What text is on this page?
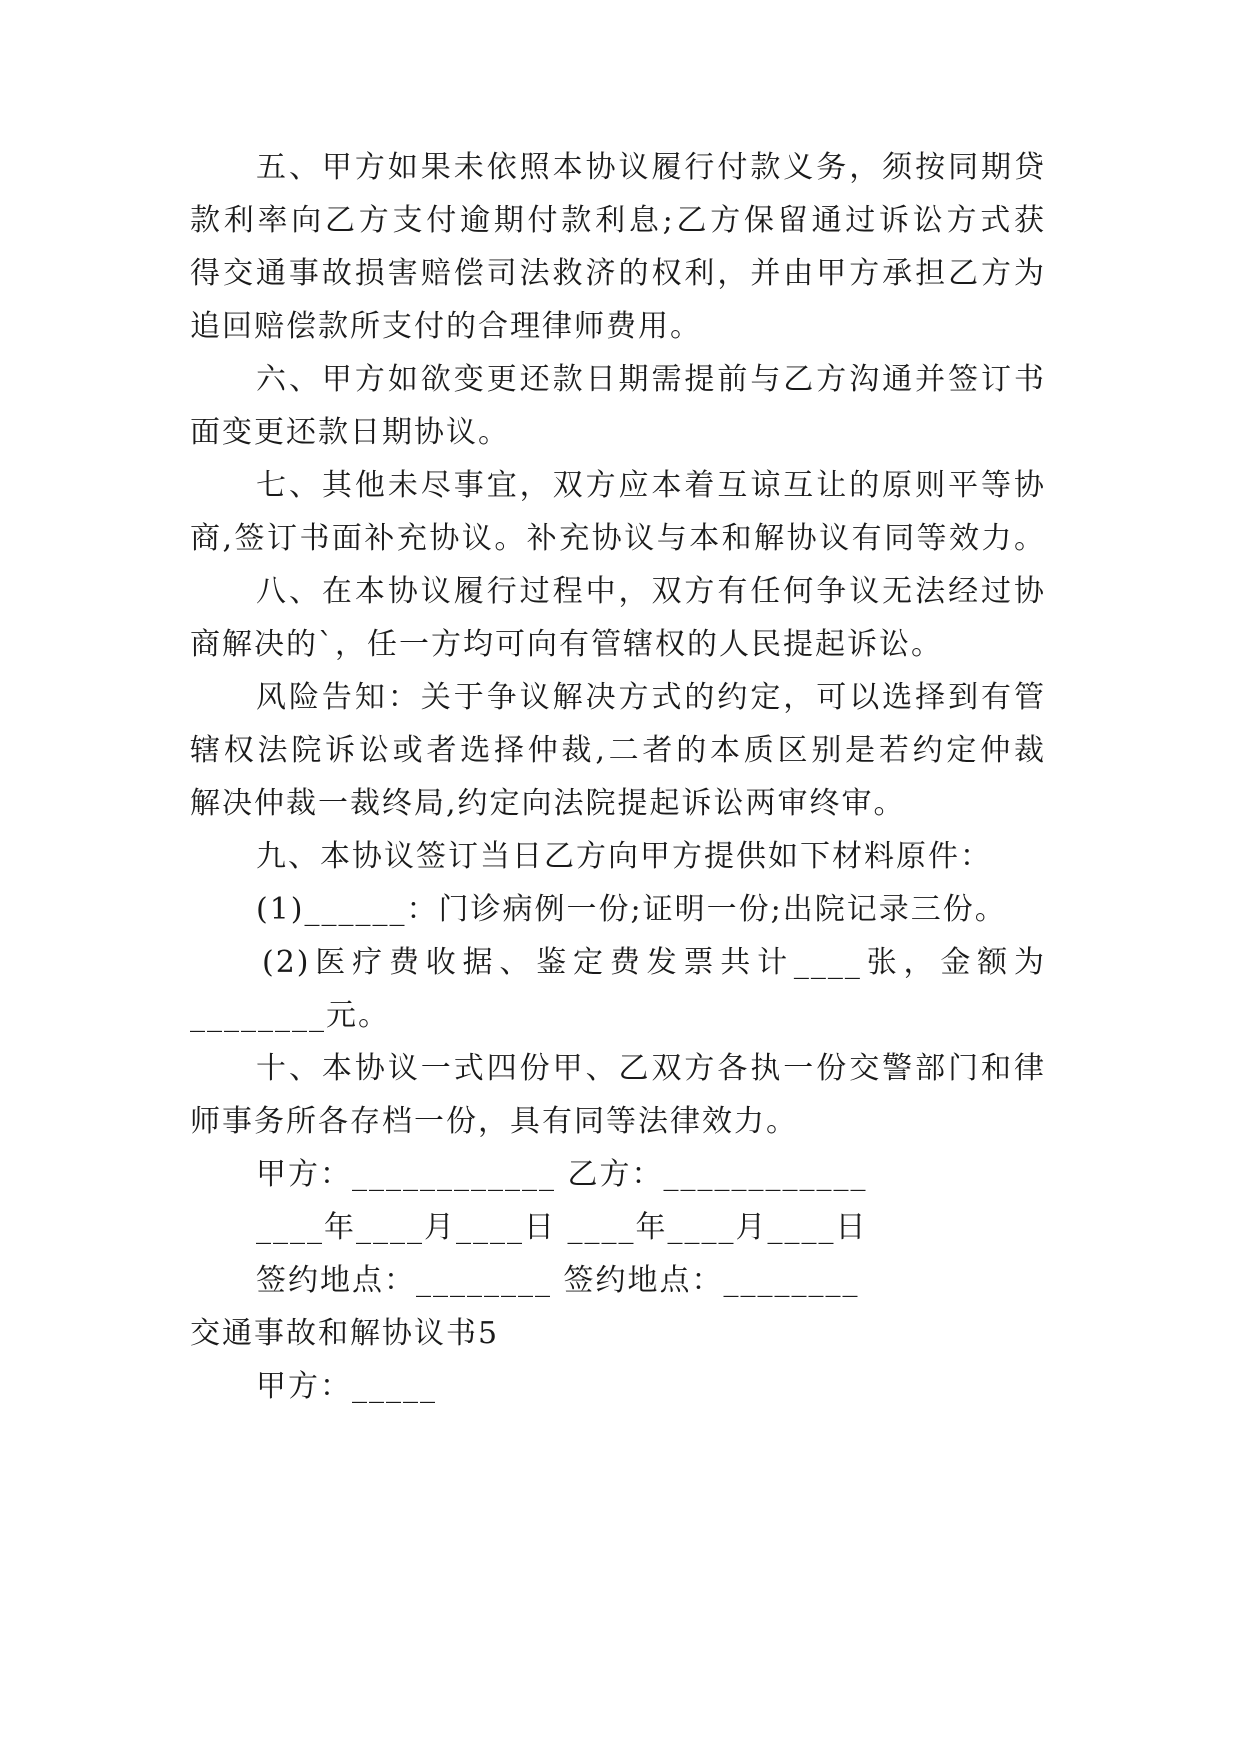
五、甲方如果未依照本协议履行付款义务，须按同期贷
款利率向乙方支付逾期付款利息;乙方保留通过诉讼方式获
得交通事故损害赔偿司法救济的权利，并由甲方承担乙方为
追回赔偿款所支付的合理律师费用。
六、甲方如欲变更还款日期需提前与乙方沟通并签订书
面变更还款日期协议。
七、其他未尽事宜，双方应本着互谅互让的原则平等协
商,签订书面补充协议。补充协议与本和解协议有同等效力。
八、在本协议履行过程中，双方有任何争议无法经过协
商解决的`，任一方均可向有管辖权的人民提起诉讼。
风险告知：关于争议解决方式的约定，可以选择到有管
辖权法院诉讼或者选择仲裁,二者的本质区别是若约定仲裁
解决仲裁一裁终局,约定向法院提起诉讼两审终审。
九、本协议签订当日乙方向甲方提供如下材料原件：
(1)______：门诊病例一份;证明一份;出院记录三份。
(2)医疗费收据、鉴定费发票共计____张，金额为
________元。
十、本协议一式四份甲、乙双方各执一份交警部门和律
师事务所各存档一份，具有同等法律效力。
甲方：____________ 乙方：____________
____年____月____日 ____年____月____日
签约地点：________ 签约地点：________
交通事故和解协议书5
甲方：_____
